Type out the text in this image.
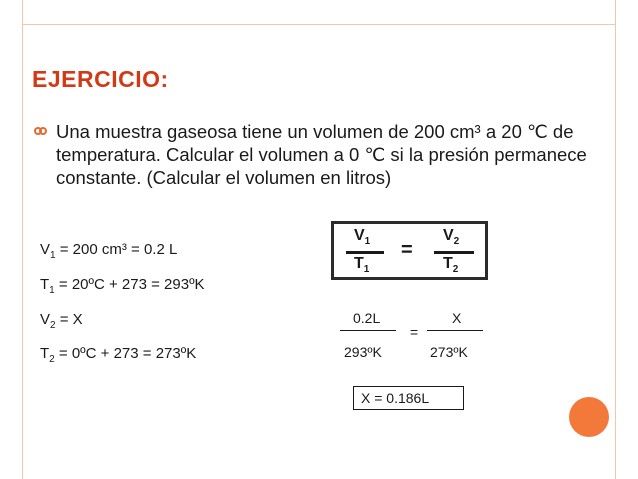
EJERCICIO:
Una muestra gaseosa tiene un volumen de 200 cm³ a 20 ℃ de temperatura. Calcular el volumen a 0 ℃ si la presión permanece constante. (Calcular el volumen en litros)
$V_1 = 200$ cm³ = 0.2 L
$T_1$ = 20ºC + 273 = 293ºK
$V_2 = X$
$T_2$ = 0ºC + 273 = 273ºK
$V_1$
$T_1$
=
$V_2$
$T_2$
0.2L
293ºK
=
X
273ºK
X = 0.186L
